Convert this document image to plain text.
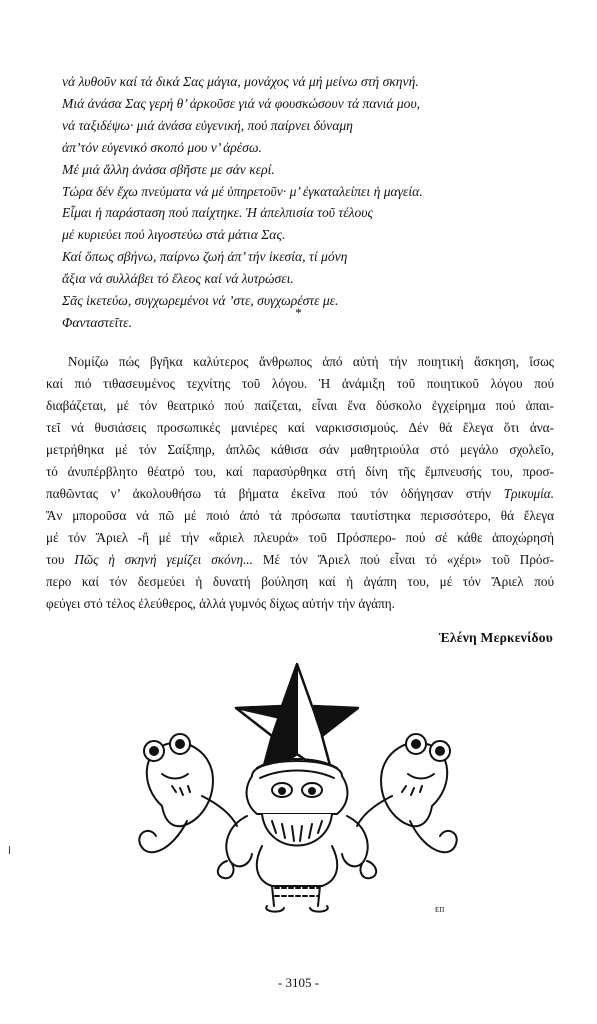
νά λυθοῦν καί τά δικά Σας μάγια, μονάχος νά μή μείνω στή σκηνή.
Μιά ἀνάσα Σας γερή θ’ ἀρκοῦσε γιά νά φουσκώσουν τά πανιά μου,
νά ταξιδέψω· μιά ἀνάσα εὐγενική, πού παίρνει δύναμη
ἀπ’τόν εὐγενικό σκοπό μου ν’ ἀρέσω.
Μέ μιά ἄλλη ἀνάσα σβῆστε με σάν κερί.
Τώρα δέν ἔχω πνεύματα νά μέ ὑπηρετοῦν· μ’ ἐγκαταλείπει ἡ μαγεία.
Εἶμαι ἡ παράσταση πού παίχτηκε. Ἡ ἀπελπισία τοῦ τέλους
μέ κυριεύει πού λιγοστεύω στά μάτια Σας.
Καί ὅπως σβήνω, παίρνω ζωή ἀπ’ τήν ἱκεσία, τί μόνη
ἄξια νά συλλάβει τό ἔλεος καί νά λυτρώσει.
Σᾶς ἱκετεύω, συγχωρεμένοι νά ’στε, συγχωρέστε με.
Φανταστεῖτε.
*
Νομίζω πώς βγῆκα καλύτερος ἄνθρωπος ἀπό αὐτή τήν ποιητική ἄσκηση, ἴσως
καί πιό τιθασευμένος τεχνίτης τοῦ λόγου. Ἡ ἀνάμιξη τοῦ ποιητικοῦ λόγου πού
διαβάζεται, μέ τόν θεατρικό πού παίζεται, εἶναι ἕνα δύσκολο ἐγχείρημα πού ἀπαι-
τεῖ νά θυσιάσεις προσωπικές μανιέρες καί ναρκισσισμούς. Δέν θά ἔλεγα ὅτι ἀνα-
μετρήθηκα μέ τόν Σαίξπηρ, ἁπλῶς κάθισα σάν μαθητριούλα στό μεγάλο σχολεῖο,
τό ἀνυπέρβλητο θέατρό του, καί παρασύρθηκα στή δίνη τῆς ἔμπνευσής του, προσ-
παθῶντας ν’ ἀκολουθήσω τά βήματα ἐκεῖνα πού τόν ὁδήγησαν στήν Τρικυμία.
Ἄν μποροῦσα νά πῶ μέ ποιό ἀπό τά πρόσωπα ταυτίστηκα περισσότερο, θά ἔλεγα
μέ τόν Ἄριελ -ἤ μέ τήν «ἄριελ πλευρά» τοῦ Πρόσπερο- πού σέ κάθε ἀποχώρησή
του Πῶς ἡ σκηνή γεμίζει σκόνη... Μέ τόν Ἄριελ πού εἶναι τό «χέρι» τοῦ Πρόσ-
περο καί τόν δεσμεύει ἡ δυνατή βούληση καί ἡ ἀγάπη του, μέ τόν Ἄριελ πού
φεύγει στό τέλος ἐλεύθερος, ἀλλά γυμνός δίχως αὐτήν τήν ἀγάπη.
Ἑλένη Μερκενίδου
ΕΠ
- 3105 -
